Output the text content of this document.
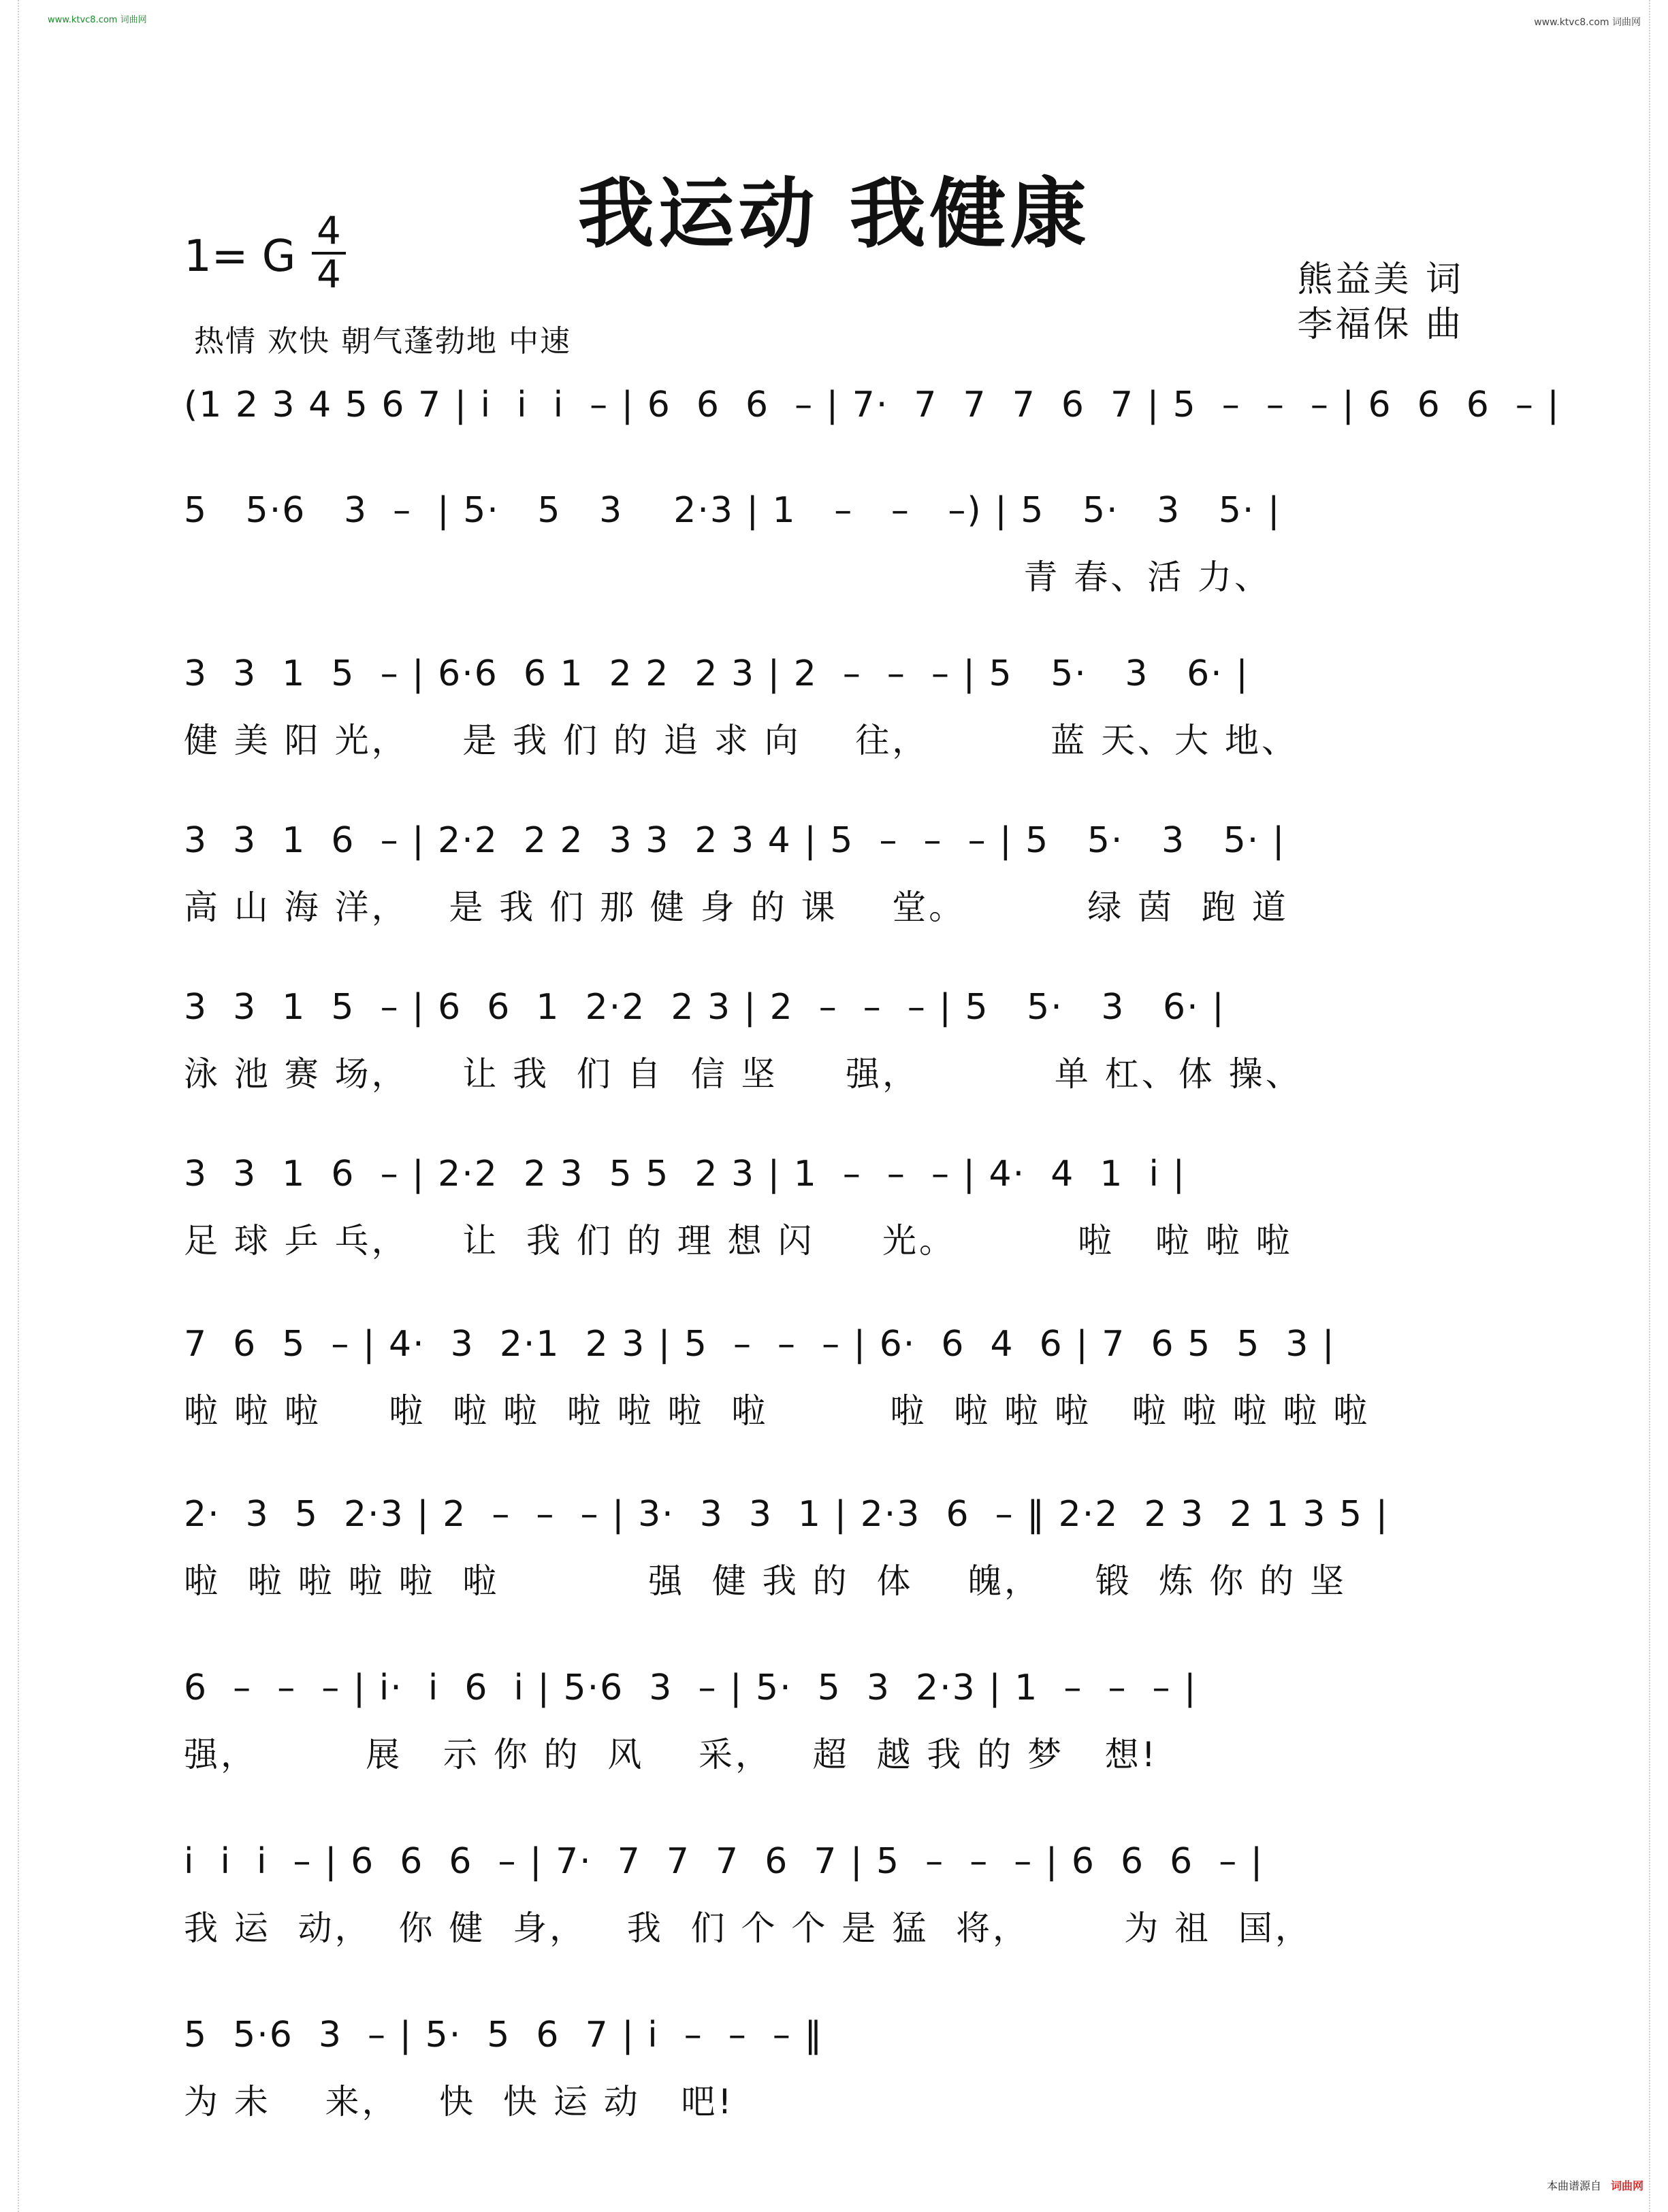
www.ktvc8.com 词曲网	www.ktvc8.com 词曲网
我运动 我健康
1= G $\frac{4}{4}$	熊益美 词
李福保 曲
热情 欢快 朝气蓬勃地 中速
(1 2 3 4 5 6 7 | i  i  i  – | 6  6  6  – | 7·  7  7  7  6  7 | 5  –  –  – | 6  6  6  – |
5   5·6   3  –  | 5·   5   3    2·3 | 1   –   –   –) | 5   5·   3   5· |
青 春、活 力、
3  3  1  5  – | 6·6  6 1  2 2  2 3 | 2  –  –  – | 5   5·   3   6· |
健 美 阳 光，    是 我 们 的 追 求 向    往，         蓝 天、大 地、
3  3  1  6  – | 2·2  2 2  3 3  2 3 4 | 5  –  –  – | 5   5·   3   5· |
高 山 海 洋，   是 我 们 那 健 身 的 课    堂。         绿 茵  跑 道
3  3  1  5  – | 6  6  1  2·2  2 3 | 2  –  –  – | 5   5·   3   6· |
泳 池 赛 场，    让 我  们 自  信 坚     强，          单 杠、体 操、
3  3  1  6  – | 2·2  2 3  5 5  2 3 | 1  –  –  – | 4·  4  1  i |
足 球 乒 乓，    让  我 们 的 理 想 闪     光。         啦   啦 啦 啦
7  6  5  – | 4·  3  2·1  2 3 | 5  –  –  – | 6·  6  4  6 | 7  6 5  5  3 |
啦 啦 啦     啦  啦 啦  啦 啦 啦  啦         啦  啦 啦 啦   啦 啦 啦 啦 啦
2·  3  5  2·3 | 2  –  –  – | 3·  3  3  1 | 2·3  6  – ‖ 2·2  2 3  2 1 3 5 |
啦  啦 啦 啦 啦  啦           强  健 我 的  体    魄，    锻  炼 你 的 坚
6  –  –  – | i·  i  6  i | 5·6  3  – | 5·  5  3  2·3 | 1  –  –  – |
强，        展   示 你 的  风    采，   超  越 我 的 梦   想!
i  i  i  – | 6  6  6  – | 7·  7  7  7  6  7 | 5  –  –  – | 6  6  6  – |
我 运  动，  你 健  身，   我  们 个 个 是 猛  将，       为 祖  国，
5  5·6  3  – | 5·  5  6  7 | i  –  –  – ‖
为 未    来，   快  快 运 动   吧!
本曲谱源自 词曲网
